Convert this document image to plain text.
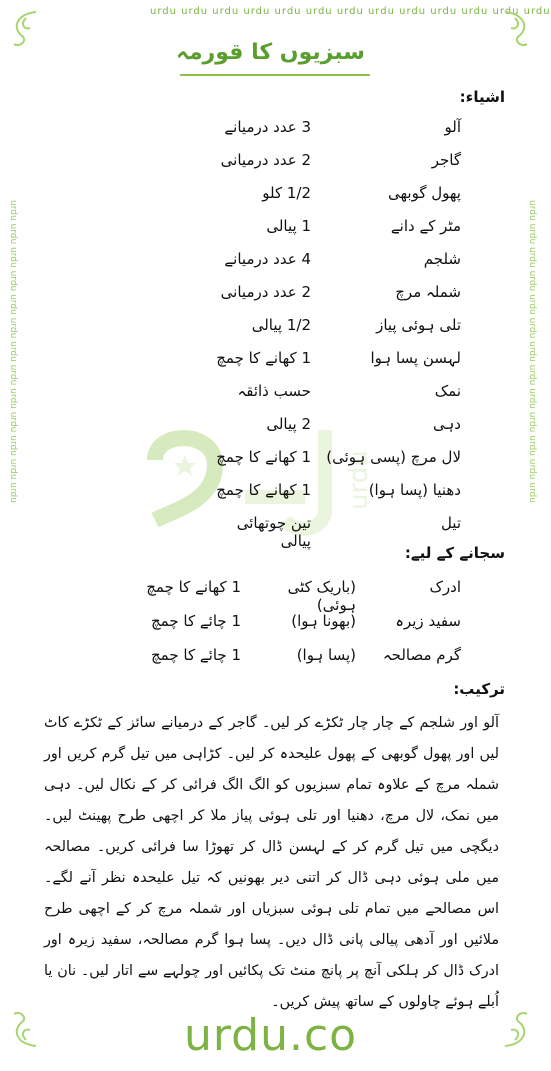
urdu urdu urdu urdu urdu urdu urdu urdu urdu urdu urdu urdu urdu
urdu urdu urdu urdu urdu urdu urdu urdu urdu urdu urdu urdu urdu	urdu urdu urdu urdu urdu urdu urdu urdu urdu urdu urdu urdu urdu
urdu
سبزیوں کا قورمہ
اشیاء:
آلو
3 عدد درمیانے
گاجر
2 عدد درمیانی
پھول گوبھی
1/2 کلو
مٹر کے دانے
1 پیالی
شلجم
4 عدد درمیانے
شملہ مرچ
2 عدد درمیانی
تلی ہوئی پیاز
1/2 پیالی
لہسن پسا ہوا
1 کھانے کا چمچ
نمک
حسب ذائقہ
دہی
2 پیالی
لال مرچ (پسی ہوئی)
1 کھانے کا چمچ
دھنیا (پسا ہوا)
1 کھانے کا چمچ
تیل
تین چوتھائی پیالی
سجانے کے لیے:
ادرک
(باریک کٹی ہوئی)
1 کھانے کا چمچ
سفید زیرہ
(بھونا ہوا)
1 چائے کا چمچ
گرم مصالحہ
(پسا ہوا)
1 چائے کا چمچ
ترکیب:
آلو اور شلجم کے چار چار ٹکڑے کر لیں۔ گاجر کے درمیانے سائز کے ٹکڑے کاٹ لیں اور پھول گوبھی کے پھول علیحدہ کر لیں۔ کڑاہی میں تیل گرم کریں اور شملہ مرچ کے علاوہ تمام سبزیوں کو الگ الگ فرائی کر کے نکال لیں۔ دہی میں نمک، لال مرچ، دھنیا اور تلی ہوئی پیاز ملا کر اچھی طرح پھینٹ لیں۔ دیگچی میں تیل گرم کر کے لہسن ڈال کر تھوڑا سا فرائی کریں۔ مصالحہ میں ملی ہوئی دہی ڈال کر اتنی دیر بھونیں کہ تیل علیحدہ نظر آنے لگے۔ اس مصالحے میں تمام تلی ہوئی سبزیاں اور شملہ مرچ کر کے اچھی طرح ملائیں اور آدھی پیالی پانی ڈال دیں۔ پسا ہوا گرم مصالحہ، سفید زیرہ اور ادرک ڈال کر ہلکی آنچ پر پانچ منٹ تک پکائیں اور چولہے سے اتار لیں۔ نان یا اُبلے ہوئے چاولوں کے ساتھ پیش کریں۔
urdu.co
